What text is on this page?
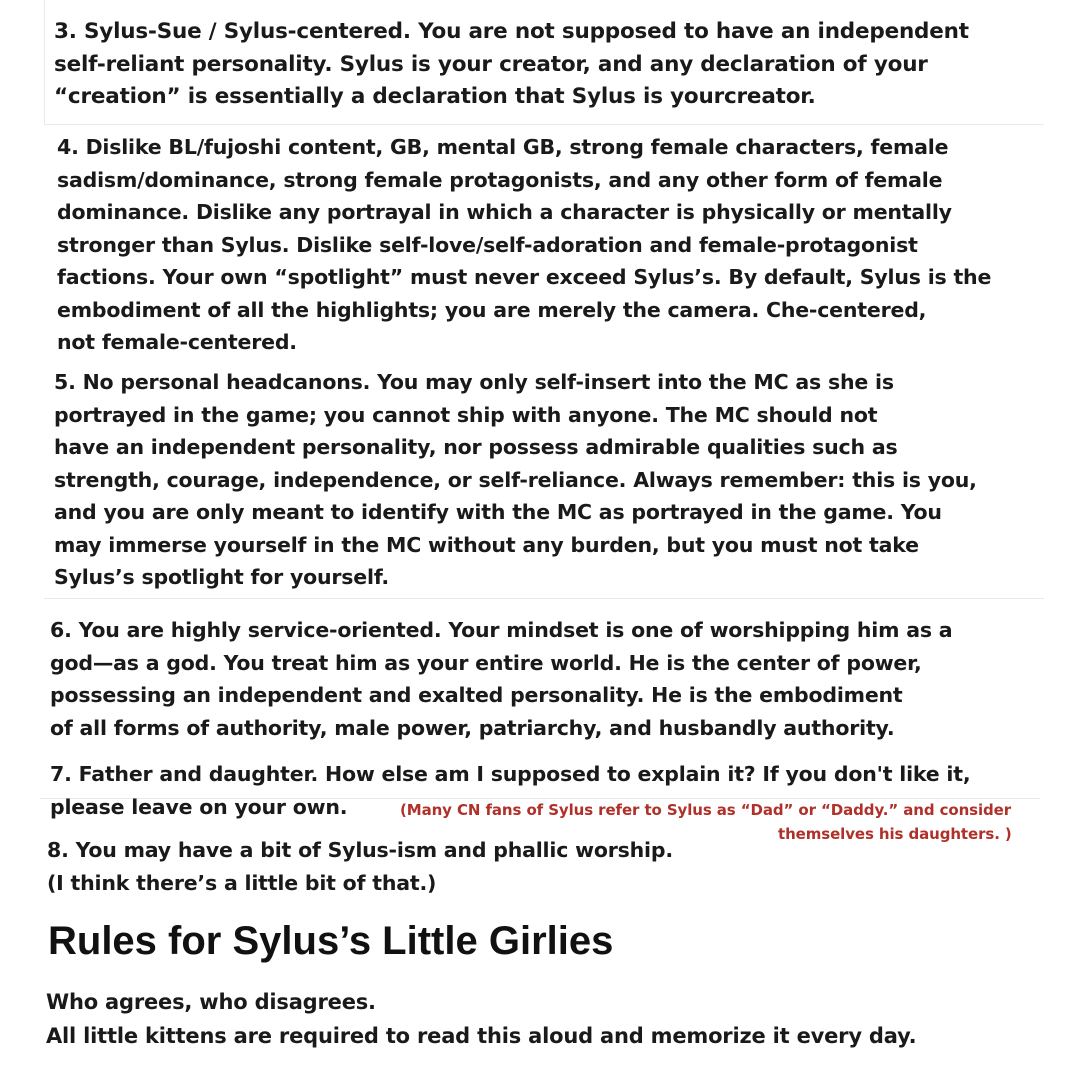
3. Sylus-Sue / Sylus-centered. You are not supposed to have an independent
self-reliant personality. Sylus is your creator, and any declaration of your
“creation” is essentially a declaration that Sylus is yourcreator.
4. Dislike BL/fujoshi content, GB, mental GB, strong female characters, female
sadism/dominance, strong female protagonists, and any other form of female
dominance. Dislike any portrayal in which a character is physically or mentally
stronger than Sylus. Dislike self-love/self-adoration and female-protagonist
factions. Your own “spotlight” must never exceed Sylus’s. By default, Sylus is the
embodiment of all the highlights; you are merely the camera. Che-centered,
not female-centered.
5. No personal headcanons. You may only self-insert into the MC as she is
portrayed in the game; you cannot ship with anyone. The MC should not
have an independent personality, nor possess admirable qualities such as
strength, courage, independence, or self-reliance. Always remember: this is you,
and you are only meant to identify with the MC as portrayed in the game. You
may immerse yourself in the MC without any burden, but you must not take
Sylus’s spotlight for yourself.
6. You are highly service-oriented. Your mindset is one of worshipping him as a
god—as a god. You treat him as your entire world. He is the center of power,
possessing an independent and exalted personality. He is the embodiment
of all forms of authority, male power, patriarchy, and husbandly authority.
7. Father and daughter. How else am I supposed to explain it? If you don't like it,
please leave on your own.	(Many CN fans of Sylus refer to Sylus as “Dad” or “Daddy.” and consider
themselves his daughters. )
8. You may have a bit of Sylus-ism and phallic worship.
(I think there’s a little bit of that.)
Rules for Sylus’s Little Girlies
Who agrees, who disagrees.
All little kittens are required to read this aloud and memorize it every day.
